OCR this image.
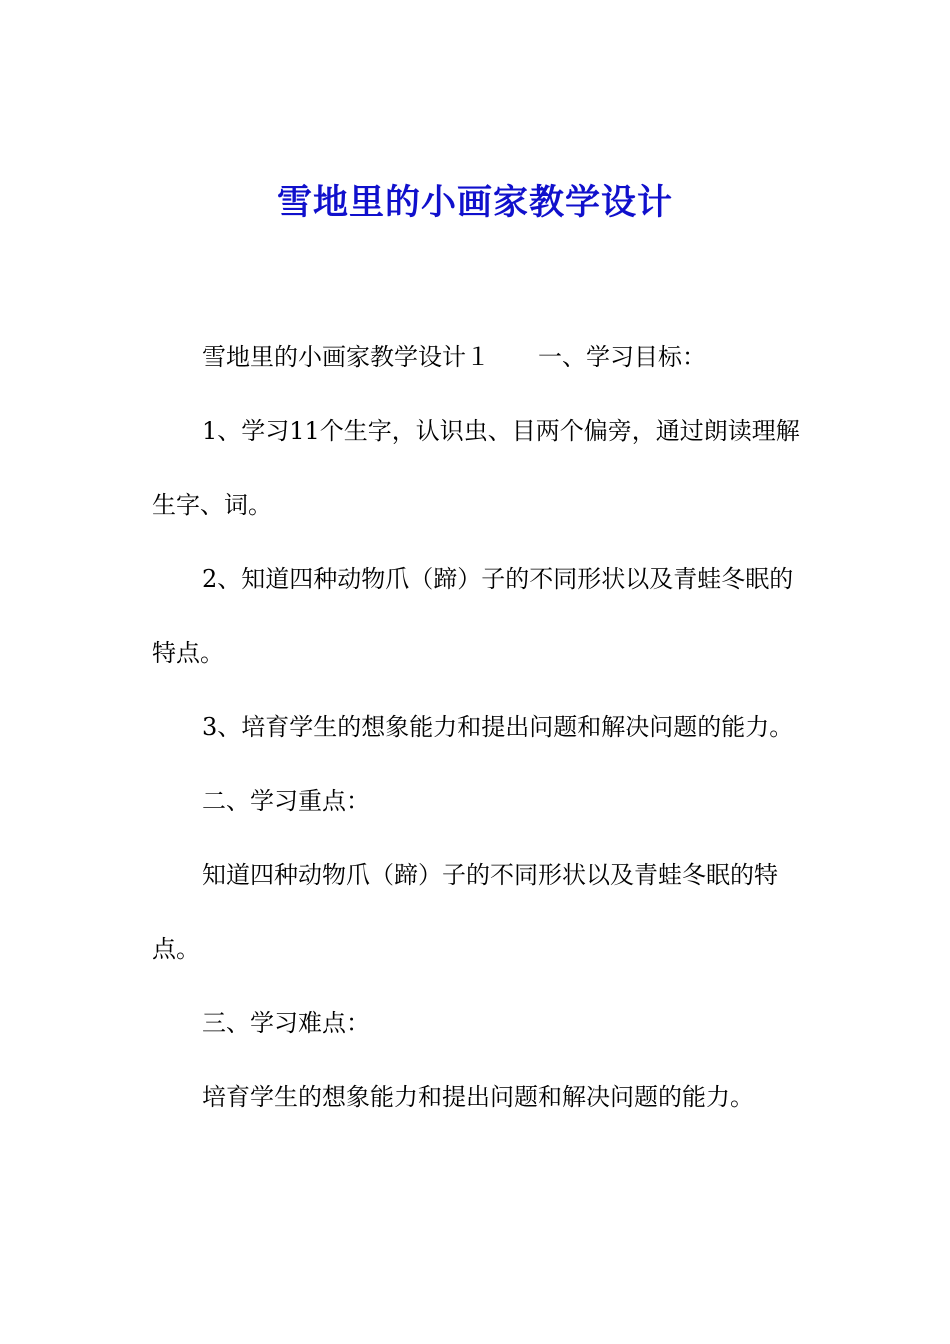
雪地里的小画家教学设计

雪地里的小画家教学设计１ 一、学习目标：

1、学习11个生字，认识虫、目两个偏旁，通过朗读理解生字、词。

2、知道四种动物爪（蹄）子的不同形状以及青蛙冬眠的特点。

3、培育学生的想象能力和提出问题和解决问题的能力。

二、学习重点：

知道四种动物爪（蹄）子的不同形状以及青蛙冬眠的特点。

三、学习难点：

培育学生的想象能力和提出问题和解决问题的能力。
